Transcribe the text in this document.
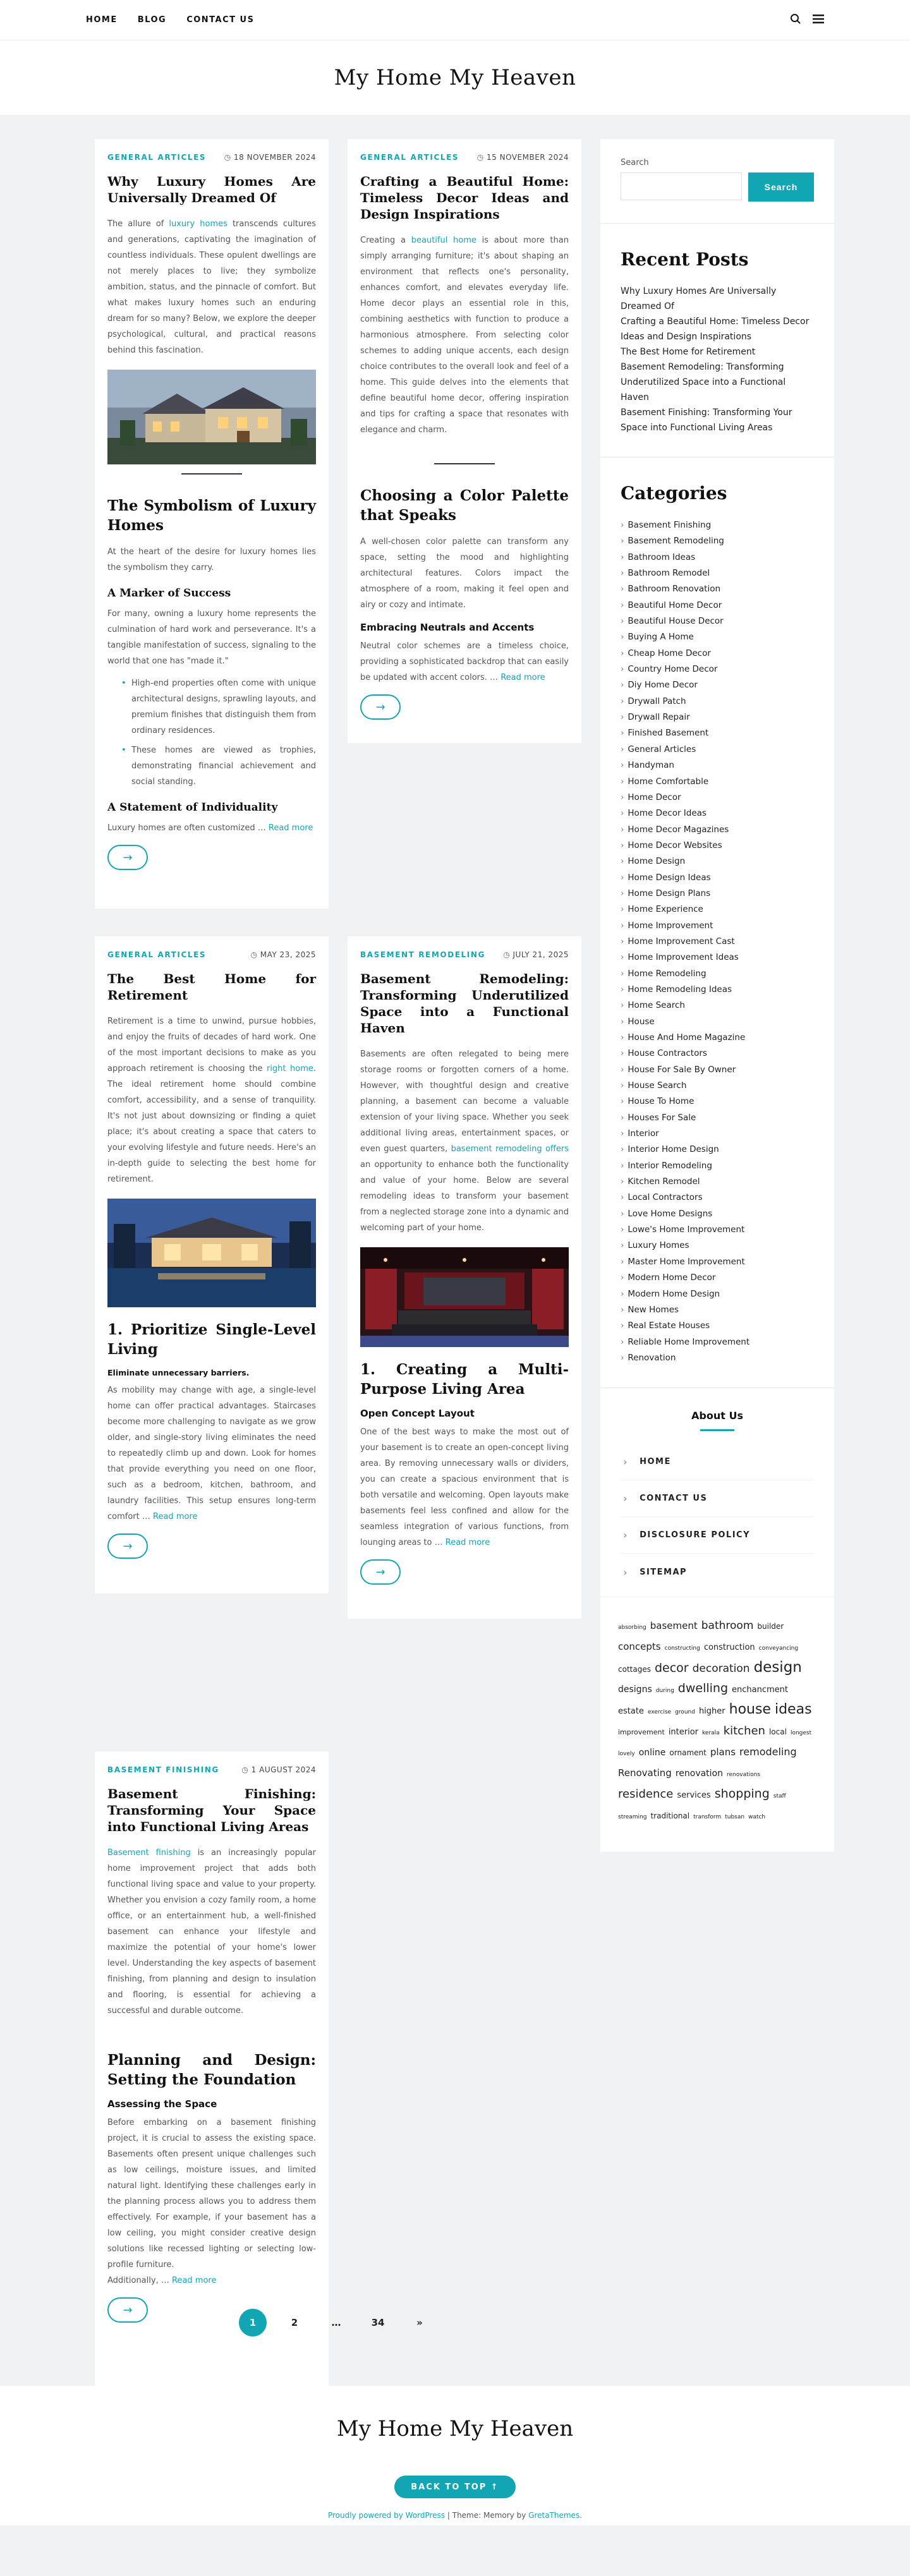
HOME BLOG CONTACT US
My Home My Heaven
GENERAL ARTICLES	◷ 18 NOVEMBER 2024
Why Luxury Homes Are Universally Dreamed Of

The allure of luxury homes transcends cultures and generations, captivating the imagination of countless individuals. These opulent dwellings are not merely places to live; they symbolize ambition, status, and the pinnacle of comfort. But what makes luxury homes such an enduring dream for so many? Below, we explore the deeper psychological, cultural, and practical reasons behind this fascination.

The Symbolism of Luxury Homes

At the heart of the desire for luxury homes lies the symbolism they carry.

A Marker of Success

For many, owning a luxury home represents the culmination of hard work and perseverance. It's a tangible manifestation of success, signaling to the world that one has "made it."

• High-end properties often come with unique architectural designs, sprawling layouts, and premium finishes that distinguish them from ordinary residences.
• These homes are viewed as trophies, demonstrating financial achievement and social standing.
A Statement of Individuality

Luxury homes are often customized … Read more

→
GENERAL ARTICLES	◷ 15 NOVEMBER 2024
Crafting a Beautiful Home: Timeless Decor Ideas and Design Inspirations

Creating a beautiful home is about more than simply arranging furniture; it's about shaping an environment that reflects one's personality, enhances comfort, and elevates everyday life. Home decor plays an essential role in this, combining aesthetics with function to produce a harmonious atmosphere. From selecting color schemes to adding unique accents, each design choice contributes to the overall look and feel of a home. This guide delves into the elements that define beautiful home decor, offering inspiration and tips for crafting a space that resonates with elegance and charm.

Choosing a Color Palette that Speaks

A well-chosen color palette can transform any space, setting the mood and highlighting architectural features. Colors impact the atmosphere of a room, making it feel open and airy or cozy and intimate.

Embracing Neutrals and Accents

Neutral color schemes are a timeless choice, providing a sophisticated backdrop that can easily be updated with accent colors. … Read more

→
GENERAL ARTICLES	◷ MAY 23, 2025
The Best Home for Retirement

Retirement is a time to unwind, pursue hobbies, and enjoy the fruits of decades of hard work. One of the most important decisions to make as you approach retirement is choosing the right home. The ideal retirement home should combine comfort, accessibility, and a sense of tranquility. It's not just about downsizing or finding a quiet place; it's about creating a space that caters to your evolving lifestyle and future needs. Here's an in-depth guide to selecting the best home for retirement.

1. Prioritize Single-Level Living
Eliminate unnecessary barriers.

As mobility may change with age, a single-level home can offer practical advantages. Staircases become more challenging to navigate as we grow older, and single-story living eliminates the need to repeatedly climb up and down. Look for homes that provide everything you need on one floor, such as a bedroom, kitchen, bathroom, and laundry facilities. This setup ensures long-term comfort … Read more

→
BASEMENT REMODELING	◷ JULY 21, 2025
Basement Remodeling: Transforming Underutilized Space into a Functional Haven

Basements are often relegated to being mere storage rooms or forgotten corners of a home. However, with thoughtful design and creative planning, a basement can become a valuable extension of your living space. Whether you seek additional living areas, entertainment spaces, or even guest quarters, basement remodeling offers an opportunity to enhance both the functionality and value of your home. Below are several remodeling ideas to transform your basement from a neglected storage zone into a dynamic and welcoming part of your home.

1. Creating a Multi-Purpose Living Area
Open Concept Layout

One of the best ways to make the most out of your basement is to create an open-concept living area. By removing unnecessary walls or dividers, you can create a spacious environment that is both versatile and welcoming. Open layouts make basements feel less confined and allow for the seamless integration of various functions, from lounging areas to … Read more

→
BASEMENT FINISHING	◷ 1 AUGUST 2024
Basement Finishing: Transforming Your Space into Functional Living Areas

Basement finishing is an increasingly popular home improvement project that adds both functional living space and value to your property. Whether you envision a cozy family room, a home office, or an entertainment hub, a well-finished basement can enhance your lifestyle and maximize the potential of your home's lower level. Understanding the key aspects of basement finishing, from planning and design to insulation and flooring, is essential for achieving a successful and durable outcome.

Planning and Design: Setting the Foundation
Assessing the Space

Before embarking on a basement finishing project, it is crucial to assess the existing space. Basements often present unique challenges such as low ceilings, moisture issues, and limited natural light. Identifying these challenges early in the planning process allows you to address them effectively. For example, if your basement has a low ceiling, you might consider creative design solutions like recessed lighting or selecting low-profile furniture.

Additionally, … Read more

→
1	2	…	34	»
Search
Search
Recent Posts
Why Luxury Homes Are Universally Dreamed Of
Crafting a Beautiful Home: Timeless Decor Ideas and Design Inspirations
The Best Home for Retirement
Basement Remodeling: Transforming Underutilized Space into a Functional Haven
Basement Finishing: Transforming Your Space into Functional Living Areas
Categories
› Basement Finishing
› Basement Remodeling
› Bathroom Ideas
› Bathroom Remodel
› Bathroom Renovation
› Beautiful Home Decor
› Beautiful House Decor
› Buying A Home
› Cheap Home Decor
› Country Home Decor
› Diy Home Decor
› Drywall Patch
› Drywall Repair
› Finished Basement
› General Articles
› Handyman
› Home Comfortable
› Home Decor
› Home Decor Ideas
› Home Decor Magazines
› Home Decor Websites
› Home Design
› Home Design Ideas
› Home Design Plans
› Home Experience
› Home Improvement
› Home Improvement Cast
› Home Improvement Ideas
› Home Remodeling
› Home Remodeling Ideas
› Home Search
› House
› House And Home Magazine
› House Contractors
› House For Sale By Owner
› House Search
› House To Home
› Houses For Sale
› Interior
› Interior Home Design
› Interior Remodeling
› Kitchen Remodel
› Local Contractors
› Love Home Designs
› Lowe's Home Improvement
› Luxury Homes
› Master Home Improvement
› Modern Home Decor
› Modern Home Design
› New Homes
› Real Estate Houses
› Reliable Home Improvement
› Renovation
About Us
› HOME
› CONTACT US
› DISCLOSURE POLICY
› SITEMAP
absorbing basement bathroom builderconcepts constructing construction conveyancingcottages decor decoration designdesigns during dwelling enchancmentestate exercise ground higher house ideasimprovement interior kerala kitchen local longestlovely online ornament plans remodelingRenovating renovation renovationsresidence services shopping staffstreaming traditional transform tubsan watch
My Home My Heaven
BACK TO TOP ↑
Proudly powered by WordPress | Theme: Memory by GretaThemes.
